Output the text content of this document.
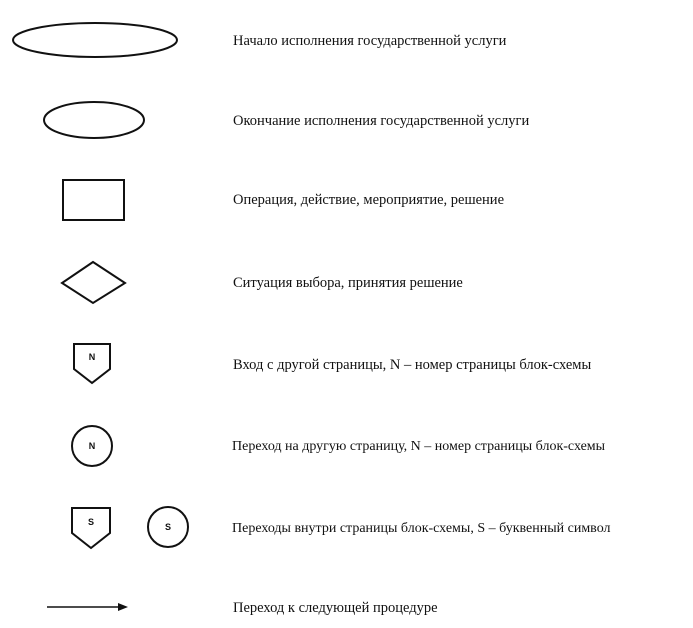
N
N
S	S
Начало исполнения государственной услуги
Окончание исполнения государственной услуги
Операция, действие, мероприятие, решение
Ситуация выбора, принятия решение
Вход с другой страницы, N – номер страницы блок-схемы
Переход на другую страницу, N – номер страницы блок-схемы
Переходы внутри страницы блок-схемы, S – буквенный символ
Переход к следующей процедуре
